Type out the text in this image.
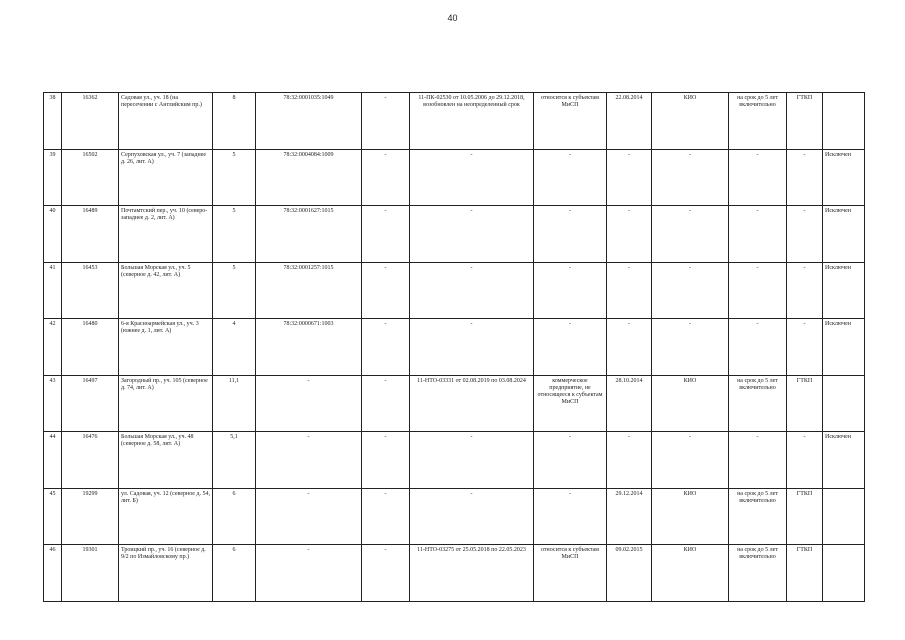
40
38	16362	Садовая ул., уч. 18 (на пересечении с Английским пр.)	8	78:32:0001035:1049	-	11-ПК-02530 от 10.05.2006 до 29.12.2018, возобновлен на неопределенный срок	относится к субъектам МиСП	22.08.2014	КИО	на срок до 5 лет включительно	ГТКП	
39	16502	Серпуховская ул., уч. 7 (западнее д. 26, лит. А)	5	78:32:0004084:1009	-	-	-	-	-	-	-	Исключен
40	16489	Почтамтский пер., уч. 10 (северо-западнее д. 2, лит. А)	5	78:32:0001627:1015	-	-	-	-	-	-	-	Исключен
41	16453	Большая Морская ул., уч. 5 (северное д. 42, лит. А)	5	78:32:0001257:1015	-	-	-	-	-	-	-	Исключен
42	16480	6-я Красноармейская ул., уч. 3 (южнее д. 1, лит. А)	4	78:32:0000671:1003	-	-	-	-	-	-	-	Исключен
43	16497	Загородный пр., уч. 105 (северное д. 74, лит. А)	11,1	-	-	11-НТО-03331 от 02.08.2019 по 03.08.2024	коммерческое предприятие, не относящееся к субъектам МиСП	28.10.2014	КИО	на срок до 5 лет включительно	ГТКП	
44	16476	Большая Морская ул., уч. 48 (северное д. 58, лит. А)	5,1	-	-	-	-	-	-	-	-	Исключен
45	19299	ул. Садовая, уч. 12 (северное д. 54, лит. Б)	6	-	-	-	-	29.12.2014	КИО	на срок до 5 лет включительно	ГТКП	
46	19301	Троицкий пр., уч. 16 (северное д. 9/2 по Измайловскому пр.)	6	-	-	11-НТО-03275 от 25.05.2018 по 22.05.2023	относится к субъектам МиСП	09.02.2015	КИО	на срок до 5 лет включительно	ГТКП	
